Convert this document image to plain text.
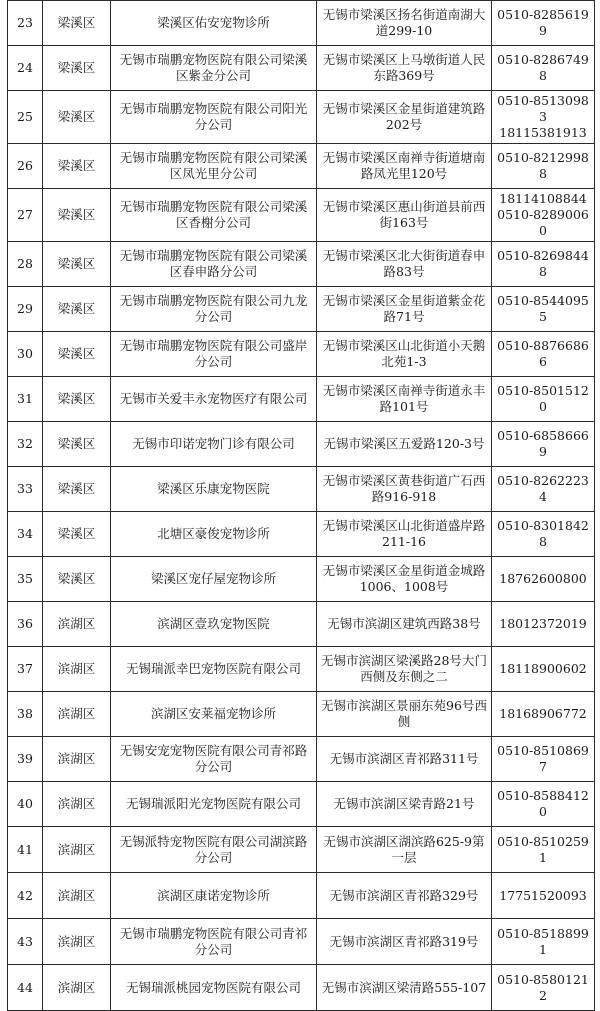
23	梁溪区	梁溪区佑安宠物诊所	无锡市梁溪区扬名街道南湖大道299-10	0510-82856199

24	梁溪区	无锡市瑞鹏宠物医院有限公司梁溪区紫金分公司	无锡市梁溪区上马墩街道人民东路369号	0510-82867498

25	梁溪区	无锡市瑞鹏宠物医院有限公司阳光分公司	无锡市梁溪区金星街道建筑路202号	0510-85130983
18115381913

26	梁溪区	无锡市瑞鹏宠物医院有限公司梁溪区凤光里分公司	无锡市梁溪区南禅寺街道塘南路凤光里120号	0510-82129988

27	梁溪区	无锡市瑞鹏宠物医院有限公司梁溪区香榭分公司	无锡市梁溪区惠山街道县前西街163号	18114108844
0510-82890060

28	梁溪区	无锡市瑞鹏宠物医院有限公司梁溪区春申路分公司	无锡市梁溪区北大街街道春申路83号	0510-82698448

29	梁溪区	无锡市瑞鹏宠物医院有限公司九龙分公司	无锡市梁溪区金星街道紫金花路71号	0510-85440955

30	梁溪区	无锡市瑞鹏宠物医院有限公司盛岸分公司	无锡市梁溪区山北街道小天鹅北苑1-3	0510-88766866

31	梁溪区	无锡市关爱丰永宠物医疗有限公司	无锡市梁溪区南禅寺街道永丰路101号	0510-85015120

32	梁溪区	无锡市印诺宠物门诊有限公司	无锡市梁溪区五爱路120-3号	0510-68586669

33	梁溪区	梁溪区乐康宠物医院	无锡市梁溪区黄巷街道广石西路916-918	0510-82622234

34	梁溪区	北塘区豪俊宠物诊所	无锡市梁溪区山北街道盛岸路211-16	0510-83018428

35	梁溪区	梁溪区宠仔屋宠物诊所	无锡市梁溪区金星街道金城路1006、1008号	18762600800

36	滨湖区	滨湖区壹玖宠物医院	无锡市滨湖区建筑西路38号	18012372019

37	滨湖区	无锡瑞派幸巴宠物医院有限公司	无锡市滨湖区梁溪路28号大门西侧及东侧之二	18118900602

38	滨湖区	滨湖区安莱福宠物诊所	无锡市滨湖区景丽东苑96号西侧	18168906772

39	滨湖区	无锡安宠宠物医院有限公司青祁路分公司	无锡市滨湖区青祁路311号	0510-85108697

40	滨湖区	无锡瑞派阳光宠物医院有限公司	无锡市滨湖区梁青路21号	0510-85884120

41	滨湖区	无锡派特宠物医院有限公司湖滨路分公司	无锡市滨湖区湖滨路625-9第一层	0510-85102591

42	滨湖区	滨湖区康诺宠物诊所	无锡市滨湖区青祁路329号	17751520093

43	滨湖区	无锡市瑞鹏宠物医院有限公司青祁分公司	无锡市滨湖区青祁路319号	0510-85188991

44	滨湖区	无锡瑞派桃园宠物医院有限公司	无锡市滨湖区梁清路555-107	0510-85801212
